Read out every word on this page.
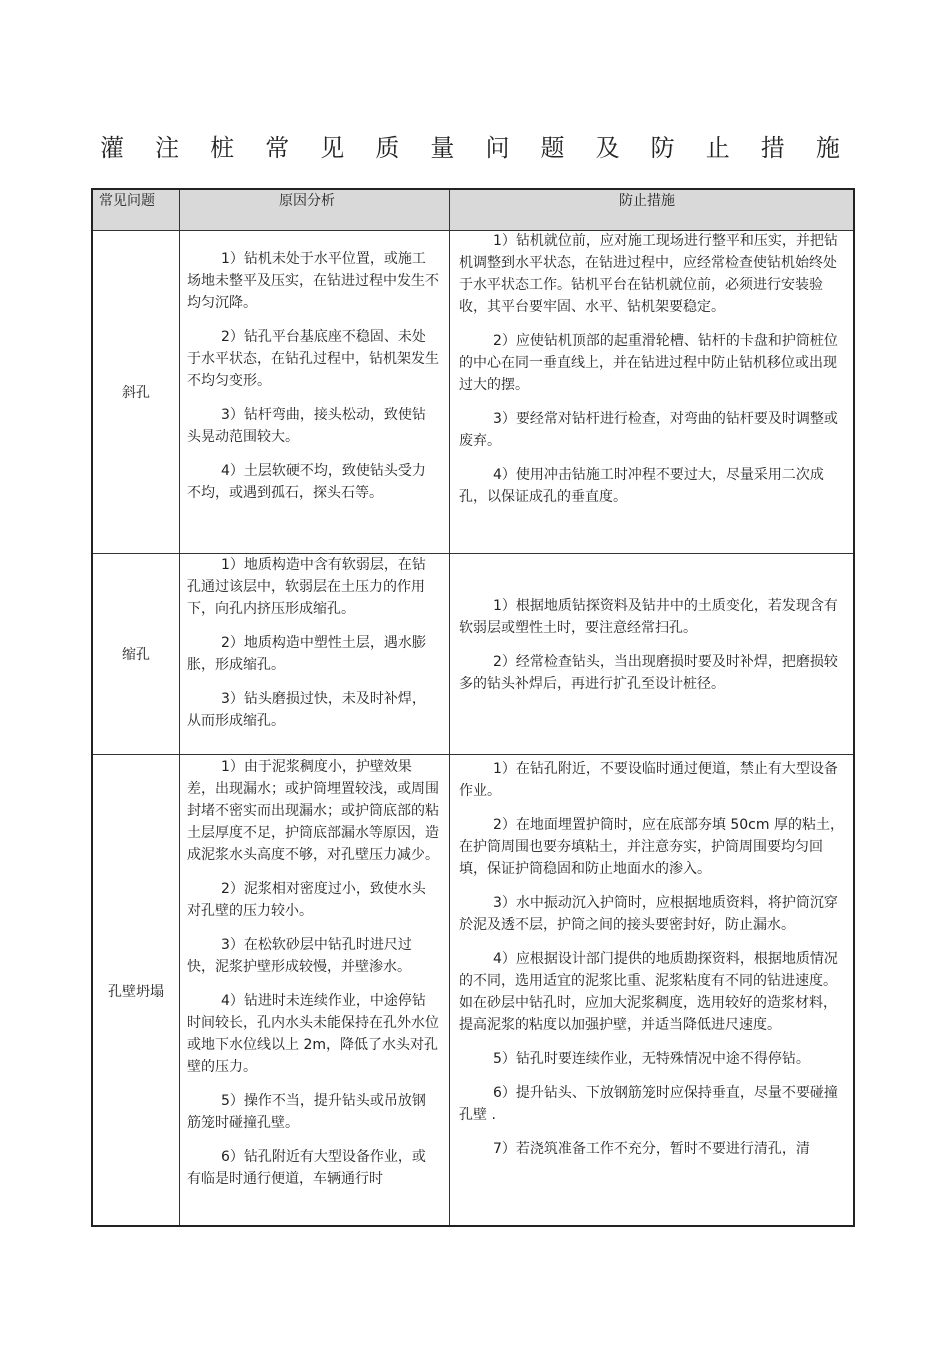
灌 注 桩 常 见 质 量 问 题 及 防 止 措 施
常见问题	原因分析	防止措施
斜孔

1）钻机未处于水平位置，或施工场地未整平及压实，在钻进过程中发生不均匀沉降。

2）钻孔平台基底座不稳固、未处于水平状态，在钻孔过程中，钻机架发生不均匀变形。

3）钻杆弯曲，接头松动，致使钻头晃动范围较大。

4）土层软硬不均，致使钻头受力不均，或遇到孤石，探头石等。

1）钻机就位前，应对施工现场进行整平和压实，并把钻机调整到水平状态，在钻进过程中，应经常检查使钻机始终处于水平状态工作。钻机平台在钻机就位前，必须进行安装验收，其平台要牢固、水平、钻机架要稳定。

2）应使钻机顶部的起重滑轮槽、钻杆的卡盘和护筒桩位的中心在同一垂直线上，并在钻进过程中防止钻机移位或出现过大的摆。

3）要经常对钻杆进行检查，对弯曲的钻杆要及时调整或废弃。

4）使用冲击钻施工时冲程不要过大，尽量采用二次成孔，以保证成孔的垂直度。

缩孔

1）地质构造中含有软弱层，在钻孔通过该层中，软弱层在土压力的作用下，向孔内挤压形成缩孔。

2）地质构造中塑性土层，遇水膨胀，形成缩孔。

3）钻头磨损过快，未及时补焊，从而形成缩孔。

1）根据地质钻探资料及钻井中的土质变化，若发现含有软弱层或塑性土时，要注意经常扫孔。

2）经常检查钻头，当出现磨损时要及时补焊，把磨损较多的钻头补焊后，再进行扩孔至设计桩径。

孔壁坍塌

1）由于泥浆稠度小，护壁效果差，出现漏水；或护筒埋置较浅，或周围封堵不密实而出现漏水；或护筒底部的粘土层厚度不足，护筒底部漏水等原因，造成泥浆水头高度不够，对孔壁压力减少。

2）泥浆相对密度过小，致使水头对孔壁的压力较小。

3）在松软砂层中钻孔时进尺过快，泥浆护壁形成较慢，并壁渗水。

4）钻进时未连续作业，中途停钻时间较长，孔内水头未能保持在孔外水位或地下水位线以上 2m，降低了水头对孔壁的压力。

5）操作不当，提升钻头或吊放钢筋笼时碰撞孔壁。

6）钻孔附近有大型设备作业，或有临是时通行便道，车辆通行时

1）在钻孔附近，不要设临时通过便道，禁止有大型设备作业。

2）在地面埋置护筒时，应在底部夯填 50cm 厚的粘土，在护筒周围也要夯填粘土，并注意夯实，护筒周围要均匀回填，保证护筒稳固和防止地面水的渗入。

3）水中振动沉入护筒时，应根据地质资料，将护筒沉穿於泥及透不层，护筒之间的接头要密封好，防止漏水。

4）应根据设计部门提供的地质勘探资料，根据地质情况的不同，选用适宜的泥浆比重、泥浆粘度有不同的钻进速度。如在砂层中钻孔时，应加大泥浆稠度，选用较好的造浆材料，提高泥浆的粘度以加强护壁，并适当降低进尺速度。

5）钻孔时要连续作业，无特殊情况中途不得停钻。

6）提升钻头、下放钢筋笼时应保持垂直，尽量不要碰撞孔壁 .

7）若浇筑准备工作不充分，暂时不要进行清孔，清
